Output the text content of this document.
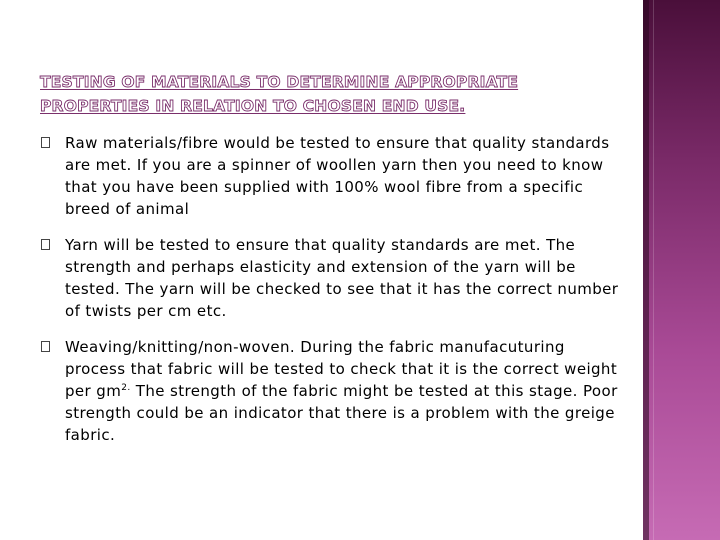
TESTING OF MATERIALS TO DETERMINE APPROPRIATE PROPERTIES IN RELATION TO CHOSEN END USE.
Raw materials/fibre would be tested to ensure that quality standards are met. If you are a spinner of woollen yarn then you need to know that you have been supplied with 100% wool fibre from a specific breed of animal
Yarn will be tested to ensure that quality standards are met. The strength and perhaps elasticity and extension of the yarn will be tested. The yarn will be checked to see that it has the correct number of twists per cm etc.
Weaving/knitting/non-woven. During the fabric manufacuturing process that fabric will be tested to check that it is the correct weight per $gm^{2.}$ The strength of the fabric might be tested at this stage. Poor strength could be an indicator that there is a problem with the greige fabric.
